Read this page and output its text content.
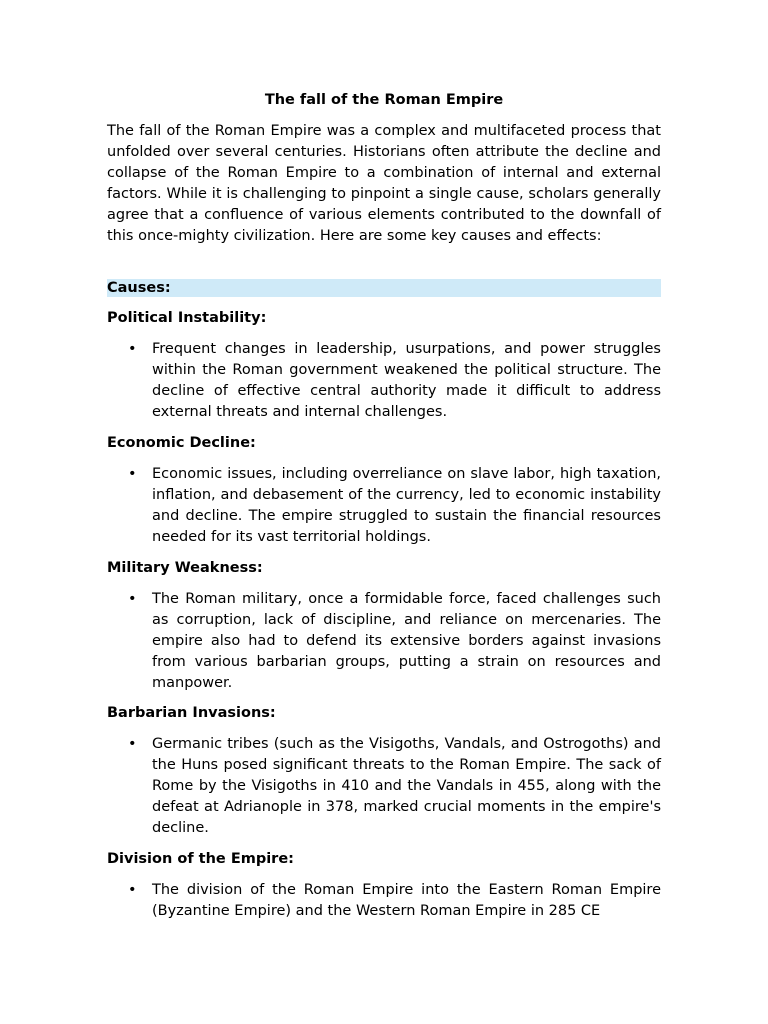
The fall of the Roman Empire

The fall of the Roman Empire was a complex and multifaceted process that unfolded over several centuries. Historians often attribute the decline and collapse of the Roman Empire to a combination of internal and external factors. While it is challenging to pinpoint a single cause, scholars generally agree that a confluence of various elements contributed to the downfall of this once-mighty civilization. Here are some key causes and effects:

Causes:
Political Instability:
• Frequent changes in leadership, usurpations, and power struggles within the Roman government weakened the political structure. The decline of effective central authority made it difficult to address external threats and internal challenges.
Economic Decline:
• Economic issues, including overreliance on slave labor, high taxation, inflation, and debasement of the currency, led to economic instability and decline. The empire struggled to sustain the financial resources needed for its vast territorial holdings.
Military Weakness:
• The Roman military, once a formidable force, faced challenges such as corruption, lack of discipline, and reliance on mercenaries. The empire also had to defend its extensive borders against invasions from various barbarian groups, putting a strain on resources and manpower.
Barbarian Invasions:
• Germanic tribes (such as the Visigoths, Vandals, and Ostrogoths) and the Huns posed significant threats to the Roman Empire. The sack of Rome by the Visigoths in 410 and the Vandals in 455, along with the defeat at Adrianople in 378, marked crucial moments in the empire's decline.
Division of the Empire:
• The division of the Roman Empire into the Eastern Roman Empire (Byzantine Empire) and the Western Roman Empire in 285 CE
